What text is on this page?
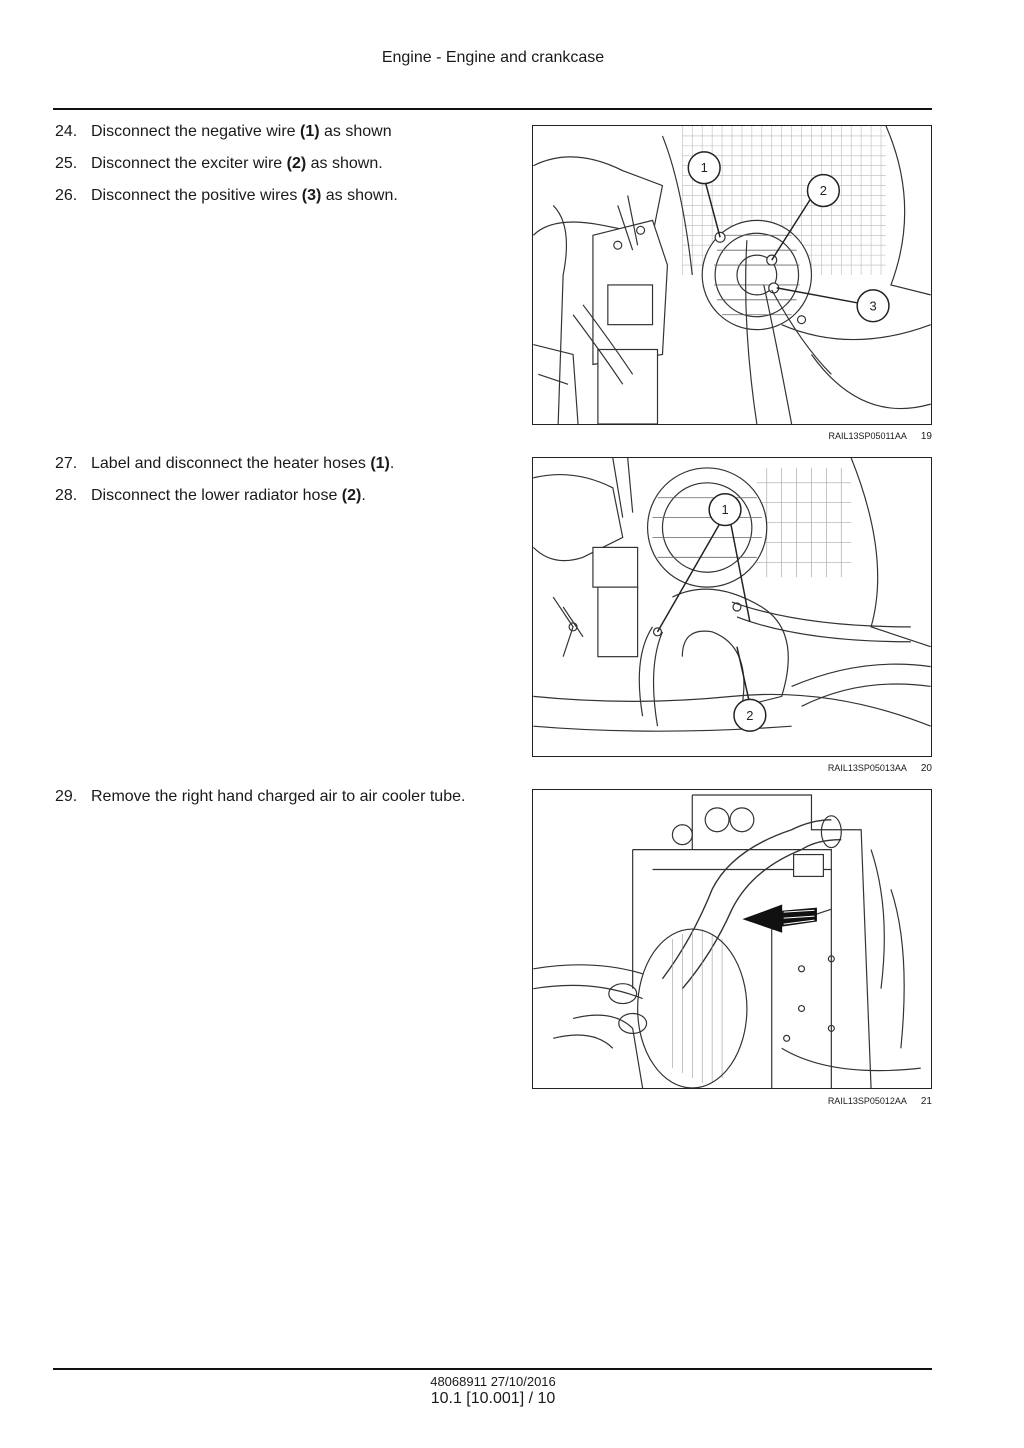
Engine - Engine and crankcase
24. Disconnect the negative wire (1) as shown
25. Disconnect the exciter wire (2) as shown.
26. Disconnect the positive wires (3) as shown.
1
2
3
RAIL13SP05011AA 19
27. Label and disconnect the heater hoses (1).
28. Disconnect the lower radiator hose (2).
1
2
RAIL13SP05013AA 20
29. Remove the right hand charged air to air cooler tube.
RAIL13SP05012AA 21
48068911 27/10/2016
10.1 [10.001] / 10
